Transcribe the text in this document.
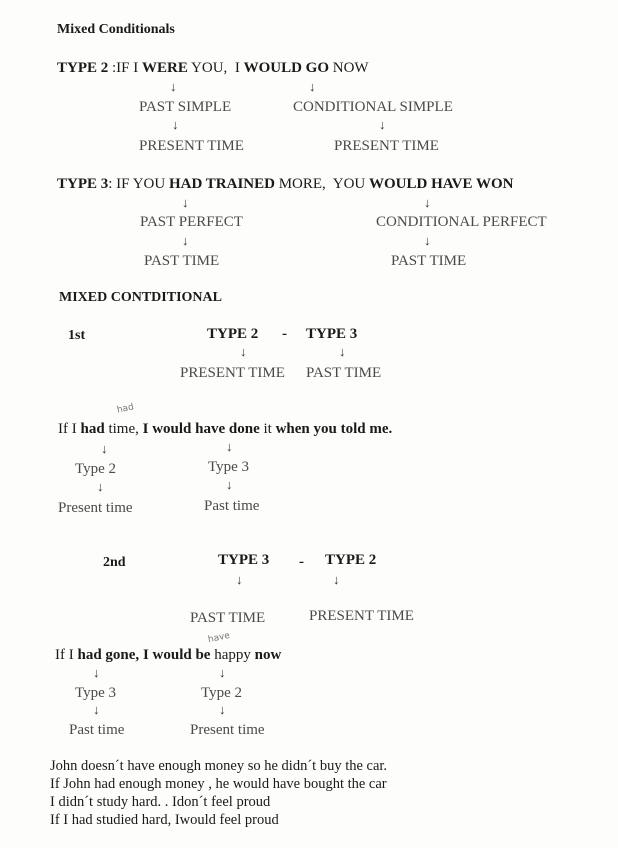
Mixed Conditionals
TYPE 2 :IF I WERE YOU, I WOULD GO NOW
↓	↓
PAST SIMPLE	CONDITIONAL SIMPLE
↓	↓
PRESENT TIME	PRESENT TIME
TYPE 3: IF YOU HAD TRAINED MORE, YOU WOULD HAVE WON
↓	↓
PAST PERFECT	CONDITIONAL PERFECT
↓	↓
PAST TIME	PAST TIME
MIXED CONTDITIONAL
1st	TYPE 2 - TYPE 3
↓	↓
PRESENT TIME PAST TIME
had
If I had time, I would have done it when you told me.
↓	↓
Type 2	Type 3
↓	↓
Present time	Past time
2nd	TYPE 3 - TYPE 2
↓	↓
PAST TIME	PRESENT TIME
have
If I had gone, I would be happy now
↓	↓
Type 3	Type 2
↓	↓
Past time	Present time
John doesn´t have enough money so he didn´t buy the car.
If John had enough money , he would have bought the car
I didn´t study hard. . Idon´t feel proud
If I had studied hard, Iwould feel proud
